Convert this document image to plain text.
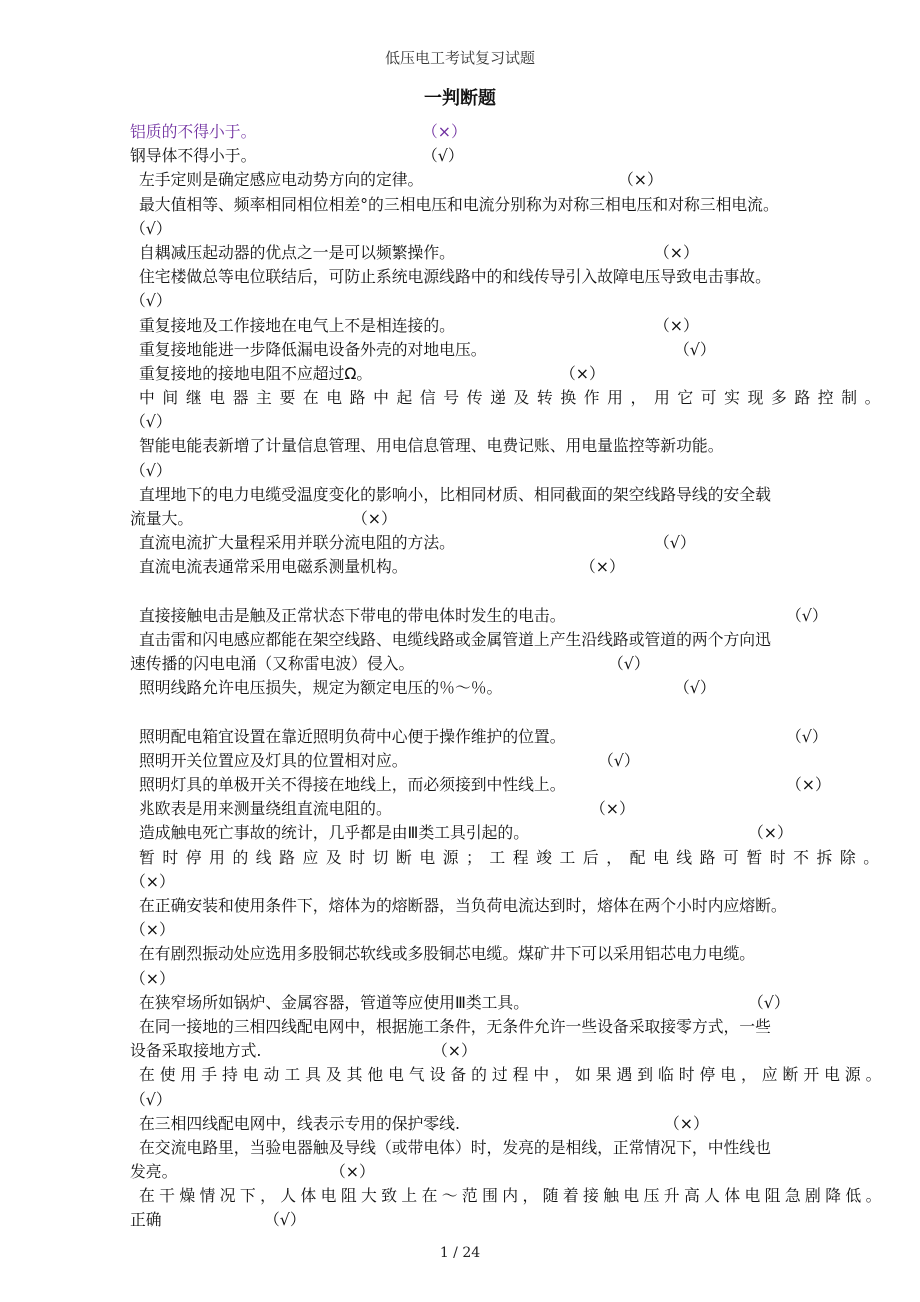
低压电工考试复习试题
一判断题
铝质的不得小于。	（×）
钢导体不得小于。	（√）
左手定则是确定感应电动势方向的定律。	（×）
最大值相等、频率相同相位相差°的三相电压和电流分别称为对称三相电压和对称三相电流。
（√）
自耦减压起动器的优点之一是可以频繁操作。	（×）
住宅楼做总等电位联结后，可防止系统电源线路中的和线传导引入故障电压导致电击事故。
（√）
重复接地及工作接地在电气上不是相连接的。	（×）
重复接地能进一步降低漏电设备外壳的对地电压。	（√）
重复接地的接地电阻不应超过Ω。	（×）
中间继电器主要在电路中起信号传递及转换作用，用它可实现多路控制。
（√）
智能电能表新增了计量信息管理、用电信息管理、电费记账、用电量监控等新功能。
（√）
直埋地下的电力电缆受温度变化的影响小，比相同材质、相同截面的架空线路导线的安全载
流量大。	（×）
直流电流扩大量程采用并联分流电阻的方法。	（√）
直流电流表通常采用电磁系测量机构。	（×）
直接接触电击是触及正常状态下带电的带电体时发生的电击。	（√）
直击雷和闪电感应都能在架空线路、电缆线路或金属管道上产生沿线路或管道的两个方向迅
速传播的闪电电涌（又称雷电波）侵入。	（√）
照明线路允许电压损失，规定为额定电压的％～％。	（√）
照明配电箱宜设置在靠近照明负荷中心便于操作维护的位置。	（√）
照明开关位置应及灯具的位置相对应。	（√）
照明灯具的单极开关不得接在地线上，而必须接到中性线上。	（×）
兆欧表是用来测量绕组直流电阻的。	（×）
造成触电死亡事故的统计，几乎都是由Ⅲ类工具引起的。	（×）
暂时停用的线路应及时切断电源；工程竣工后，配电线路可暂时不拆除。
（×）
在正确安装和使用条件下，熔体为的熔断器，当负荷电流达到时，熔体在两个小时内应熔断。
（×）
在有剧烈振动处应选用多股铜芯软线或多股铜芯电缆。煤矿井下可以采用铝芯电力电缆。
（×）
在狭窄场所如锅炉、金属容器，管道等应使用Ⅲ类工具。	（√）
在同一接地的三相四线配电网中，根据施工条件，无条件允许一些设备采取接零方式，一些
设备采取接地方式.	（×）
在使用手持电动工具及其他电气设备的过程中，如果遇到临时停电，应断开电源。
（√）
在三相四线配电网中，线表示专用的保护零线.	（×）
在交流电路里，当验电器触及导线（或带电体）时，发亮的是相线，正常情况下，中性线也
发亮。	（×）
在干燥情况下，人体电阻大致上在～范围内，随着接触电压升高人体电阻急剧降低。
正确	（√）
1 / 24
